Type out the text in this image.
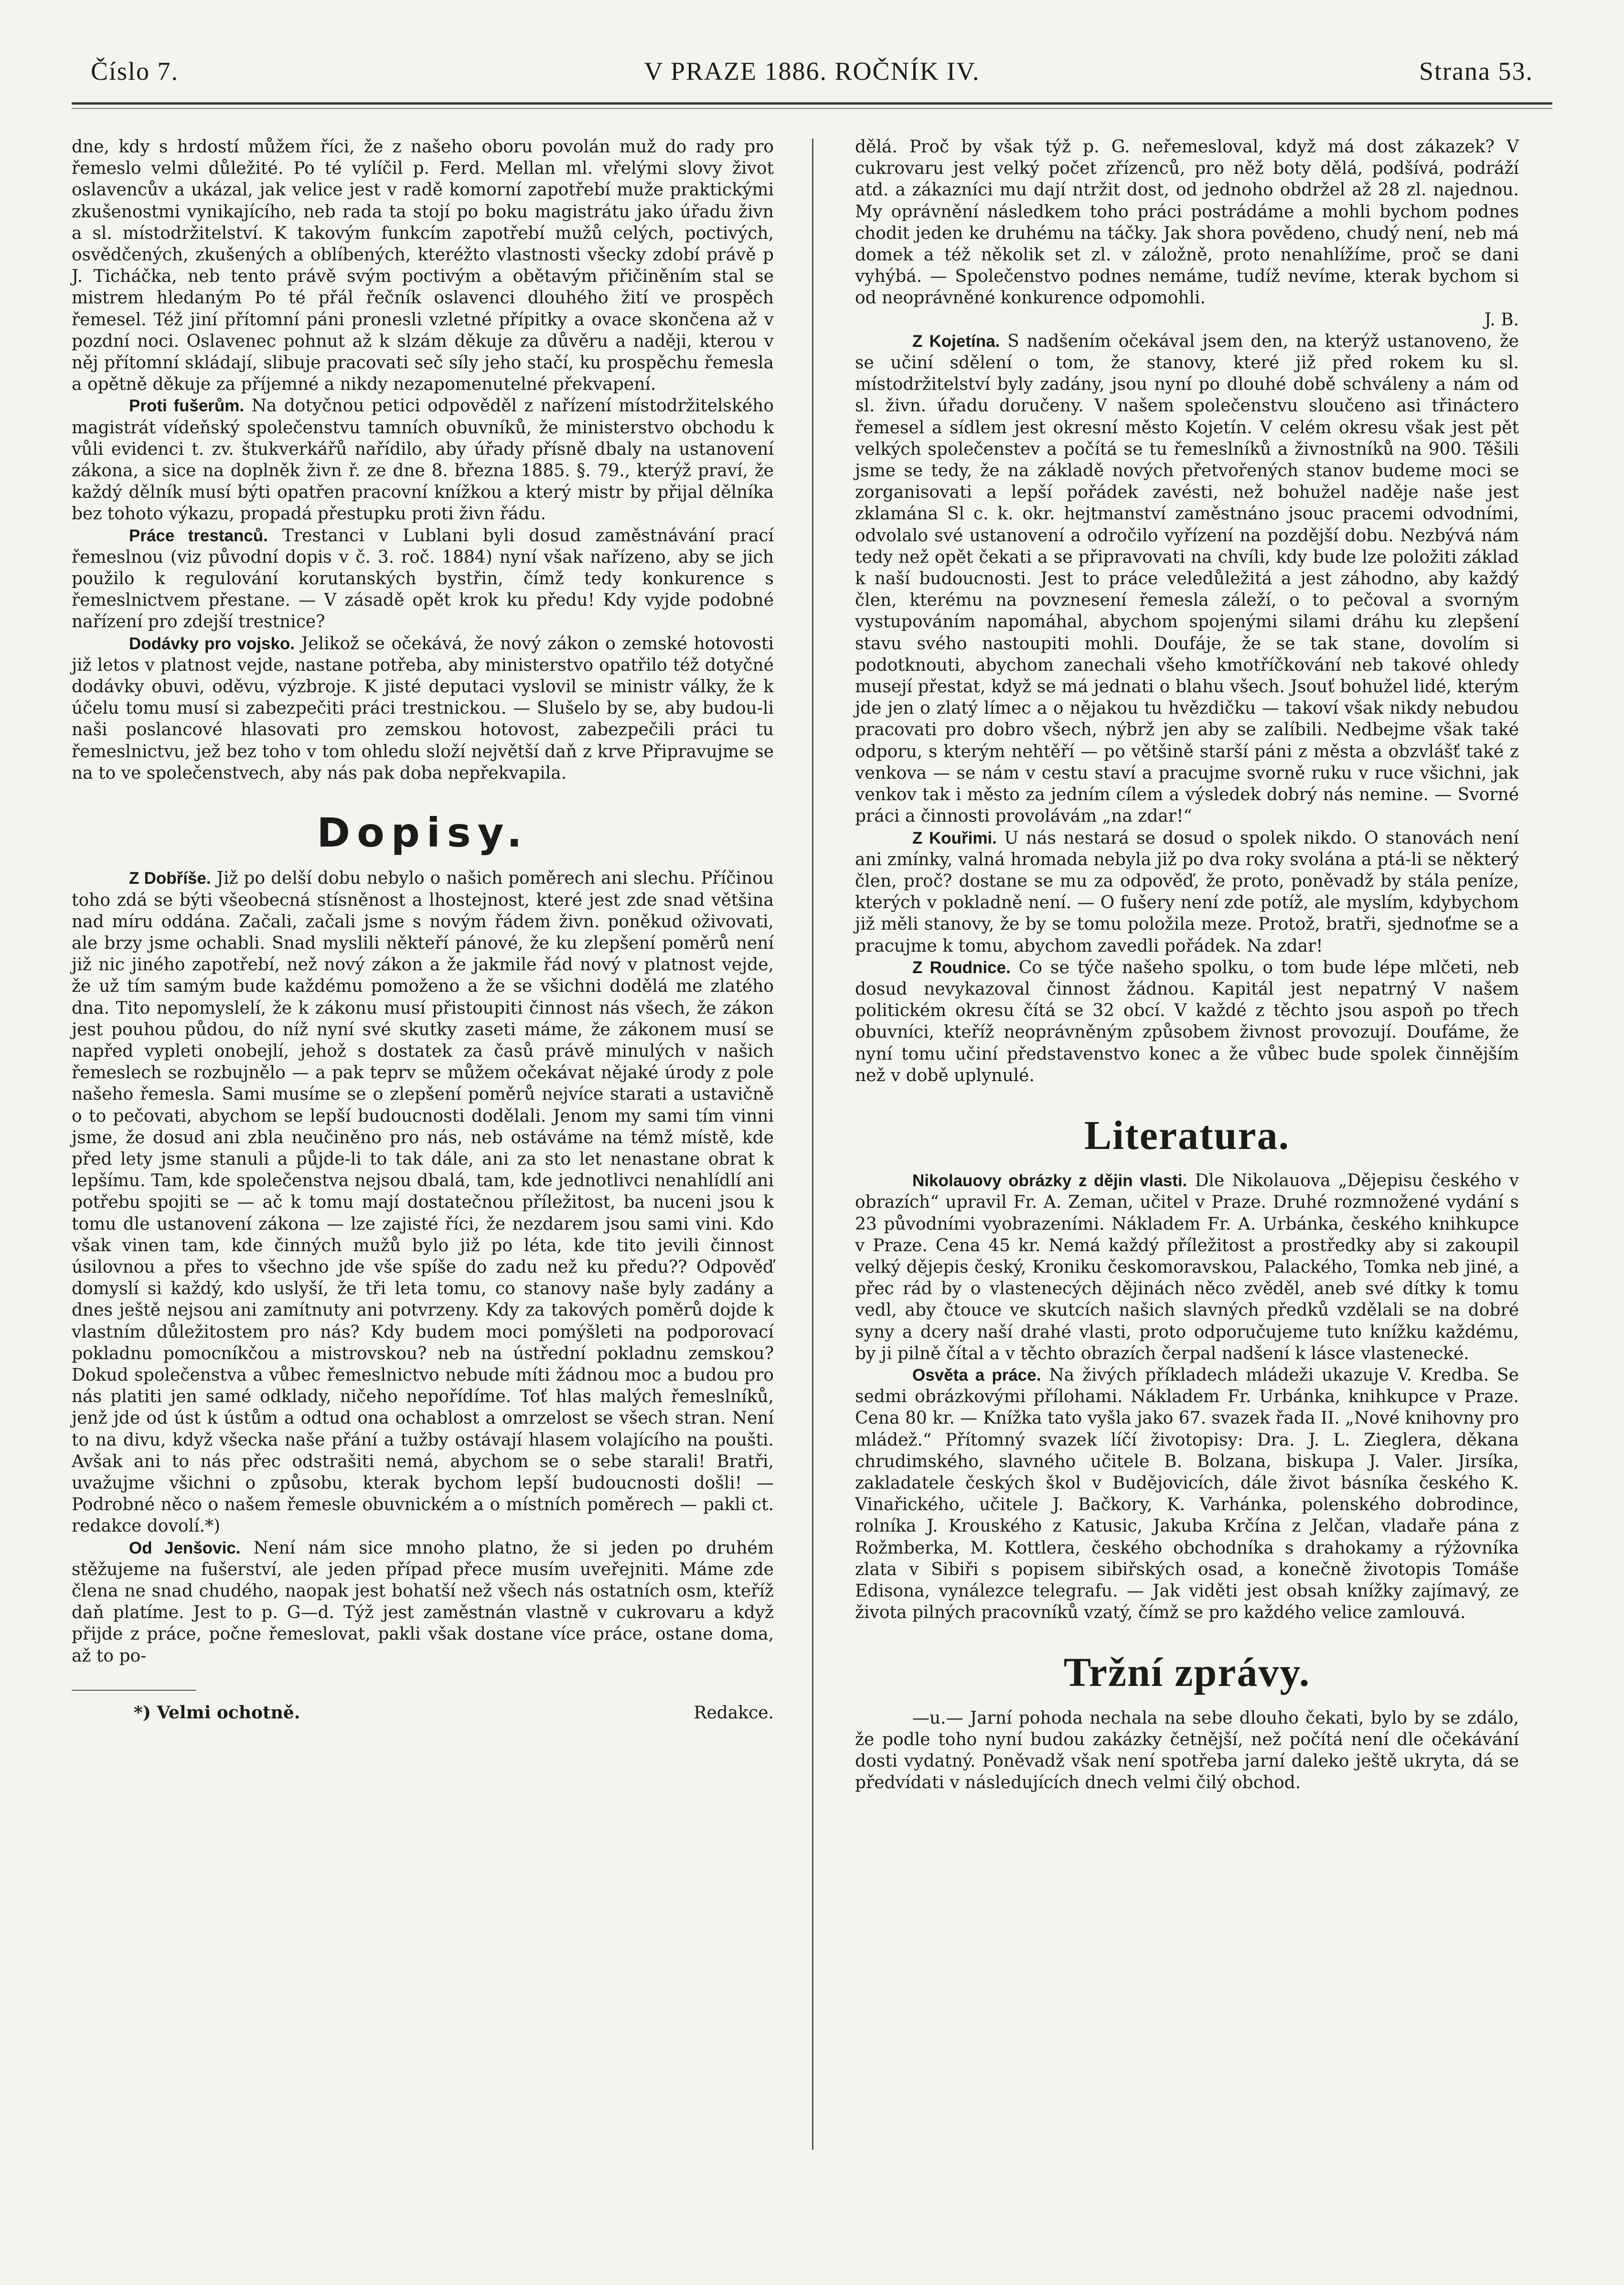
Číslo 7.	V PRAZE 1886. ROČNÍK IV.	Strana 53.

dne, kdy s hrdostí můžem říci, že z našeho oboru povolán muž do rady pro řemeslo velmi důležité. Po té vylíčil p. Ferd. Mellan ml. vřelými slovy život oslavencův a ukázal, jak velice jest v radě komorní zapotřebí muže praktickými zkušenostmi vynikajícího, neb rada ta stojí po boku magistrátu jako úřadu živn a sl. místodržitelství. K takovým funkcím zapotřebí mužů celých, poctivých, osvědčených, zkušených a oblíbených, kteréžto vlastnosti všecky zdobí právě p J. Ticháčka, neb tento právě svým poctivým a obětavým přičiněním stal se mistrem hledaným Po té přál řečník oslavenci dlouhého žití ve prospěch řemesel. Též jiní přítomní páni pronesli vzletné přípitky a ovace skončena až v pozdní noci. Oslavenec pohnut až k slzám děkuje za důvěru a naději, kterou v něj přítomní skládají, slibuje pracovati seč síly jeho stačí, ku prospěchu řemesla a opětně děkuje za příjemné a nikdy nezapomenutelné překvapení.

Proti fušerům. Na dotyčnou petici odpověděl z nařízení místodržitelského magistrát vídeňský společenstvu tamních obuvníků, že ministerstvo obchodu k vůli evidenci t. zv. štukverkářů nařídilo, aby úřady přísně dbaly na ustanovení zákona, a sice na doplněk živn ř. ze dne 8. března 1885. §. 79., kterýž praví, že každý dělník musí býti opatřen pracovní knížkou a který mistr by přijal dělníka bez tohoto výkazu, propadá přestupku proti živn řádu.

Práce trestanců. Trestanci v Lublani byli dosud zaměstnávání prací řemeslnou (viz původní dopis v č. 3. roč. 1884) nyní však nařízeno, aby se jich použilo k regulování korutanských bystřin, čímž tedy konkurence s řemeslnictvem přestane. — V zásadě opět krok ku předu! Kdy vyjde podobné nařízení pro zdejší trestnice?

Dodávky pro vojsko. Jelikož se očekává, že nový zákon o zemské hotovosti již letos v platnost vejde, nastane potřeba, aby ministerstvo opatřilo též dotyčné dodávky obuvi, oděvu, výzbroje. K jisté deputaci vyslovil se ministr války, že k účelu tomu musí si zabezpečiti práci trestnickou. — Slušelo by se, aby budou-li naši poslancové hlasovati pro zemskou hotovost, zabezpečili práci tu řemeslnictvu, jež bez toho v tom ohledu složí největší daň z krve Připravujme se na to ve společenstvech, aby nás pak doba nepřekvapila.

Dopisy.

Z Dobříše. Již po delší dobu nebylo o našich poměrech ani slechu. Příčinou toho zdá se býti všeobecná stísněnost a lhostejnost, které jest zde snad většina nad míru oddána. Začali, začali jsme s novým řádem živn. poněkud oživovati, ale brzy jsme ochabli. Snad myslili někteří pánové, že ku zlepšení poměrů není již nic jiného zapotřebí, než nový zákon a že jakmile řád nový v platnost vejde, že už tím samým bude každému pomoženo a že se všichni dodělá me zlatého dna. Tito nepomyslelí, že k zákonu musí přistoupiti činnost nás všech, že zákon jest pouhou půdou, do níž nyní své skutky zaseti máme, že zákonem musí se napřed vypleti onobejlí, jehož s dostatek za časů právě minulých v našich řemeslech se rozbujnělo — a pak teprv se můžem očekávat nějaké úrody z pole našeho řemesla. Sami musíme se o zlepšení poměrů nejvíce starati a ustavičně o to pečovati, abychom se lepší budoucnosti dodělali. Jenom my sami tím vinni jsme, že dosud ani zbla neučiněno pro nás, neb ostáváme na témž místě, kde před lety jsme stanuli a půjde-li to tak dále, ani za sto let nenastane obrat k lepšímu. Tam, kde společenstva nejsou dbalá, tam, kde jednotlivci nenahlídlí ani potřebu spojiti se — ač k tomu mají dostatečnou příležitost, ba nuceni jsou k tomu dle ustanovení zákona — lze zajisté říci, že nezdarem jsou sami vini. Kdo však vinen tam, kde činných mužů bylo již po léta, kde tito jevili činnost úsilovnou a přes to všechno jde vše spíše do zadu než ku předu?? Odpověď domyslí si každý, kdo uslyší, že tři leta tomu, co stanovy naše byly zadány a dnes ještě nejsou ani zamítnuty ani potvrzeny. Kdy za takových poměrů dojde k vlastním důležitostem pro nás? Kdy budem moci pomýšleti na podporovací pokladnu pomocníkčou a mistrovskou? neb na ústřední pokladnu zemskou? Dokud společenstva a vůbec řemeslnictvo nebude míti žádnou moc a budou pro nás platiti jen samé odklady, ničeho nepořídíme. Toť hlas malých řemeslníků, jenž jde od úst k ústům a odtud ona ochablost a omrzelost se všech stran. Není to na divu, když všecka naše přání a tužby ostávají hlasem volajícího na poušti. Avšak ani to nás přec odstrašiti nemá, abychom se o sebe starali! Bratři, uvažujme všichni o způsobu, kterak bychom lepší budoucnosti došli! — Podrobné něco o našem řemesle obuvnickém a o místních poměrech — pakli ct. redakce dovolí.*)

Od Jenšovic. Není nám sice mnoho platno, že si jeden po druhém stěžujeme na fušerství, ale jeden případ přece musím uveřejniti. Máme zde člena ne snad chudého, naopak jest bohatší než všech nás ostatních osm, kteříž daň platíme. Jest to p. G—d. Týž jest zaměstnán vlastně v cukrovaru a když přijde z práce, počne řemeslovat, pakli však dostane více práce, ostane doma, až to po-

*) Velmi ochotně.	Redakce.

dělá. Proč by však týž p. G. neřemesloval, když má dost zákazek? V cukrovaru jest velký počet zřízenců, pro něž boty dělá, podšívá, podráží atd. a zákazníci mu dají ntržit dost, od jednoho obdržel až 28 zl. najednou. My oprávnění následkem toho práci postrádáme a mohli bychom podnes chodit jeden ke druhému na táčky. Jak shora povědeno, chudý není, neb má domek a též několik set zl. v záložně, proto nenahlížíme, proč se dani vyhýbá. — Společenstvo podnes nemáme, tudíž nevíme, kterak bychom si od neoprávněné konkurence odpomohli.

J. B.

Z Kojetína. S nadšením očekával jsem den, na kterýž ustanoveno, že se učiní sdělení o tom, že stanovy, které již před rokem ku sl. místodržitelství byly zadány, jsou nyní po dlouhé době schváleny a nám od sl. živn. úřadu doručeny. V našem společenstvu sloučeno asi třináctero řemesel a sídlem jest okresní město Kojetín. V celém okresu však jest pět velkých společenstev a počítá se tu řemeslníků a živnostníků na 900. Těšili jsme se tedy, že na základě nových přetvořených stanov budeme moci se zorganisovati a lepší pořádek zavésti, než bohužel naděje naše jest zklamána Sl c. k. okr. hejtmanství zaměstnáno jsouc pracemi odvodními, odvolalo své ustanovení a odročilo vyřízení na pozdější dobu. Nezbývá nám tedy než opět čekati a se připravovati na chvíli, kdy bude lze položiti základ k naší budoucnosti. Jest to práce veledůležitá a jest záhodno, aby každý člen, kterému na povznesení řemesla záleží, o to pečoval a svorným vystupováním napomáhal, abychom spojenými silami dráhu ku zlepšení stavu svého nastoupiti mohli. Doufáje, že se tak stane, dovolím si podotknouti, abychom zanechali všeho kmotříčkování neb takové ohledy musejí přestat, když se má jednati o blahu všech. Jsouť bohužel lidé, kterým jde jen o zlatý límec a o nějakou tu hvězdičku — takoví však nikdy nebudou pracovati pro dobro všech, nýbrž jen aby se zalíbili. Nedbejme však také odporu, s kterým nehtěří — po většině starší páni z města a obzvlášť také z venkova — se nám v cestu staví a pracujme svorně ruku v ruce všichni, jak venkov tak i město za jedním cílem a výsledek dobrý nás nemine. — Svorné práci a činnosti provolávám „na zdar!“

Z Kouřimi. U nás nestará se dosud o spolek nikdo. O stanovách není ani zmínky, valná hromada nebyla již po dva roky svolána a ptá-li se některý člen, proč? dostane se mu za odpověď, že proto, poněvadž by stála peníze, kterých v pokladně není. — O fušery není zde potíž, ale myslím, kdybychom již měli stanovy, že by se tomu položila meze. Protož, bratři, sjednoťme se a pracujme k tomu, abychom zavedli pořádek. Na zdar!

Z Roudnice. Co se týče našeho spolku, o tom bude lépe mlčeti, neb dosud nevykazoval činnost žádnou. Kapitál jest nepatrný V našem politickém okresu čítá se 32 obcí. V každé z těchto jsou aspoň po třech obuvníci, kteříž neoprávněným způsobem živnost provozují. Doufáme, že nyní tomu učiní představenstvo konec a že vůbec bude spolek činnějším než v době uplynulé.

Literatura.

Nikolauovy obrázky z dějin vlasti. Dle Nikolauova „Dějepisu českého v obrazích“ upravil Fr. A. Zeman, učitel v Praze. Druhé rozmnožené vydání s 23 původními vyobrazeními. Nákladem Fr. A. Urbánka, českého knihkupce v Praze. Cena 45 kr. Nemá každý příležitost a prostředky aby si zakoupil velký dějepis český, Kroniku českomoravskou, Palackého, Tomka neb jiné, a přec rád by o vlastenecých dějinách něco zvěděl, aneb své dítky k tomu vedl, aby čtouce ve skutcích našich slavných předků vzdělali se na dobré syny a dcery naší drahé vlasti, proto odporučujeme tuto knížku každému, by ji pilně čítal a v těchto obrazích čerpal nadšení k lásce vlastenecké.

Osvěta a práce. Na živých příkladech mládeži ukazuje V. Kredba. Se sedmi obrázkovými přílohami. Nákladem Fr. Urbánka, knihkupce v Praze. Cena 80 kr. — Knížka tato vyšla jako 67. svazek řada II. „Nové knihovny pro mládež.“ Přítomný svazek líčí životopisy: Dra. J. L. Zieglera, děkana chrudimského, slavného učitele B. Bolzana, biskupa J. Valer. Jirsíka, zakladatele českých škol v Budějovicích, dále život básníka českého K. Vinařického, učitele J. Bačkory, K. Varhánka, polenského dobrodince, rolníka J. Krouského z Katusic, Jakuba Krčína z Jelčan, vladaře pána z Rožmberka, M. Kottlera, českého obchodníka s drahokamy a rýžovníka zlata v Sibiři s popisem sibiřských osad, a konečně životopis Tomáše Edisona, vynálezce telegrafu. — Jak viděti jest obsah knížky zajímavý, ze života pilných pracovníků vzatý, čímž se pro každého velice zamlouvá.

Tržní zprávy.

—u.— Jarní pohoda nechala na sebe dlouho čekati, bylo by se zdálo, že podle toho nyní budou zakázky četnější, než počítá není dle očekávání dosti vydatný. Poněvadž však není spotřeba jarní daleko ještě ukryta, dá se předvídati v následujících dnech velmi čilý obchod.
